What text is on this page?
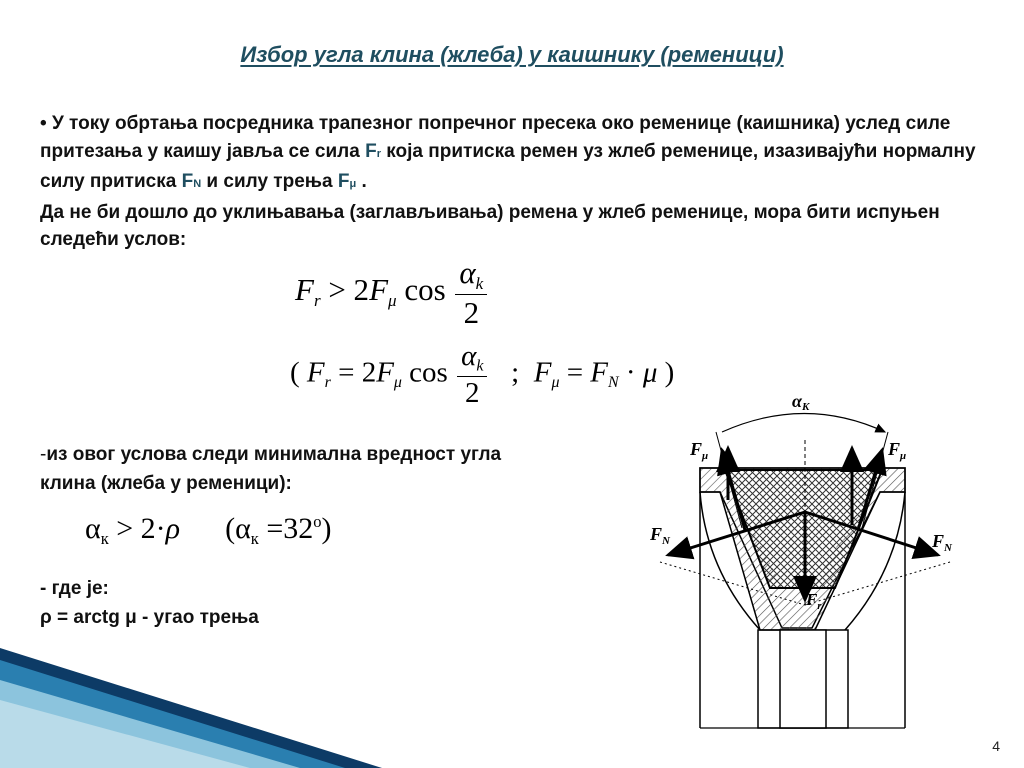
Избор угла клина (жлеба) у каишнику (ременици)
• У току обртања посредника трапезног попречног пресека око ременице (каишника) услед силе притезања у каишу јавља се сила Fr која притиска ремен уз жлеб ременице, изазивајући нормалну силу притиска FN и силу трења Fμ .
Да не би дошло до уклињавања (заглављивања) ремена у жлеб ременице, мора бити испуњен следећи услов:
Fr > 2Fμ $\cos \frac{\alpha k}{2}$
( Fr = 2Fμ $\cos \frac{\alpha k}{2}$ ;  Fμ = FN · μ )
-из овог услова следи минимална вредност угла клина (жлеба у ременици):
αк > 2·ρ      $(\alpha к =32^o)$
- где је:
ρ = arctg μ - угао трења
αK
$F_\mu$	$F_\mu$
$F_N$	$F_N$
$F_r$
4
